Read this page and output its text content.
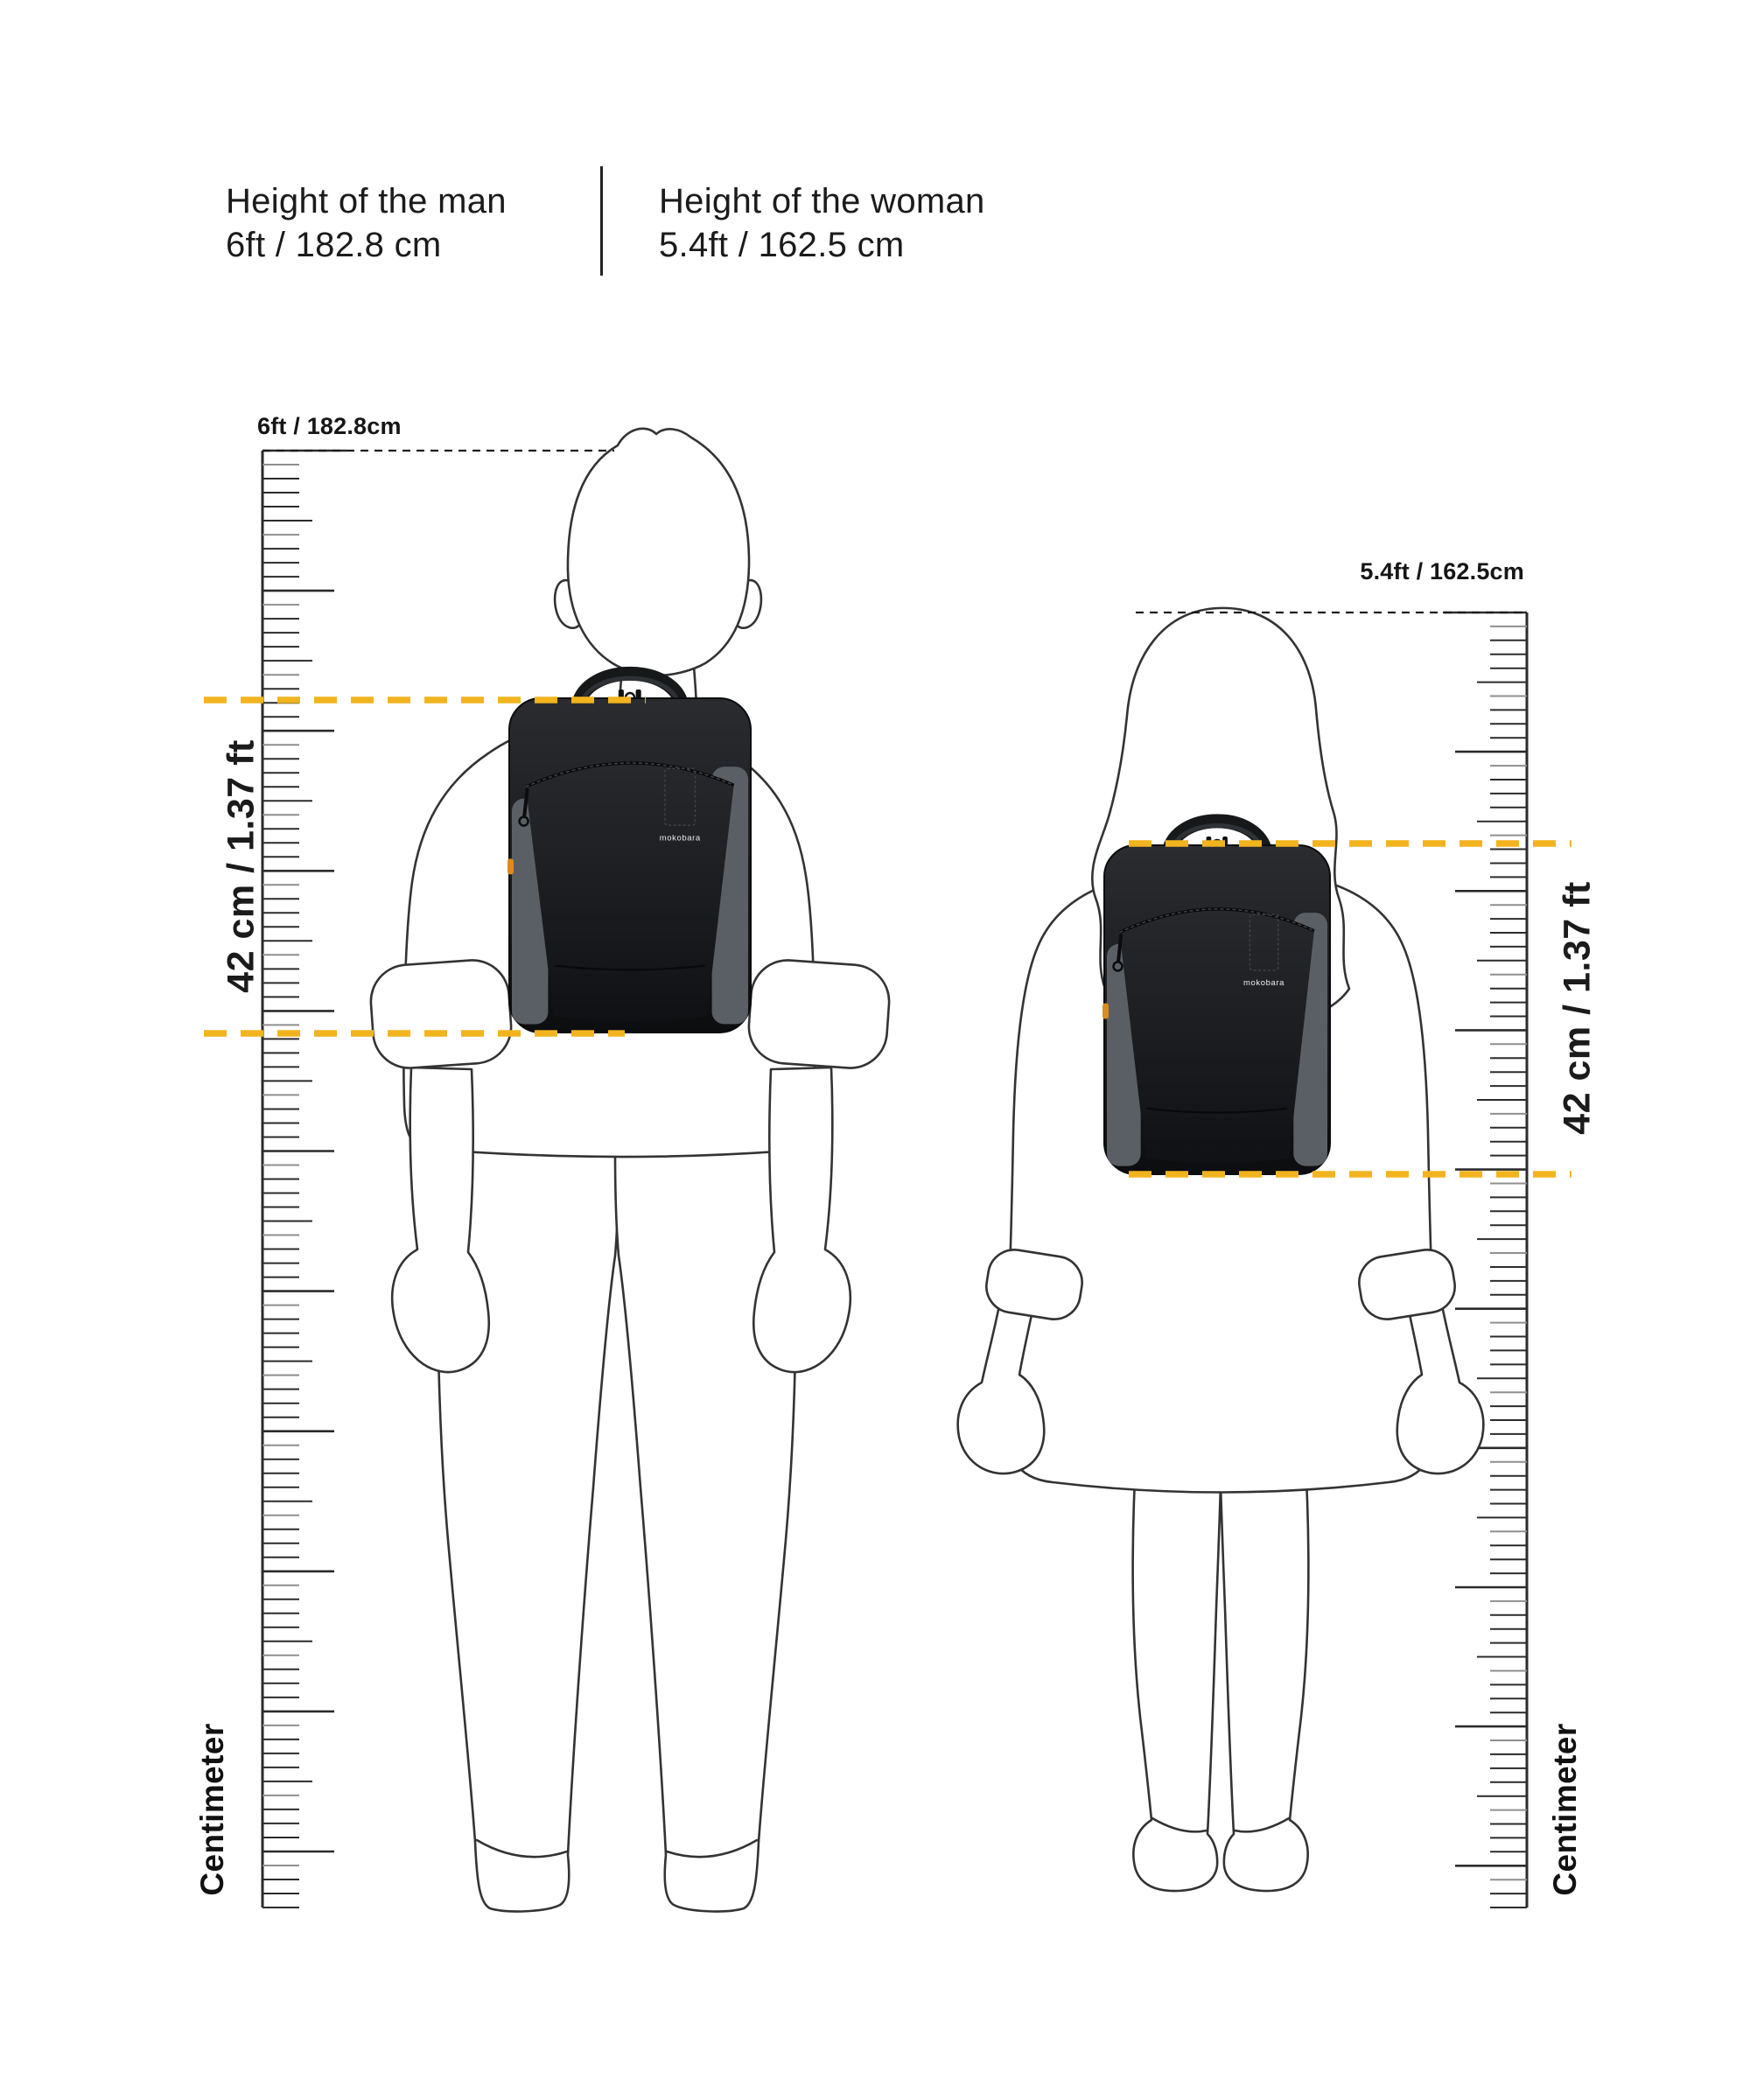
mokobara
mokobara
Height of the man
6ft / 182.8 cm
Height of the woman
5.4ft / 162.5 cm
6ft / 182.8cm
5.4ft / 162.5cm
42 cm / 1.37 ft
42 cm / 1.37 ft
Centimeter	Centimeter
